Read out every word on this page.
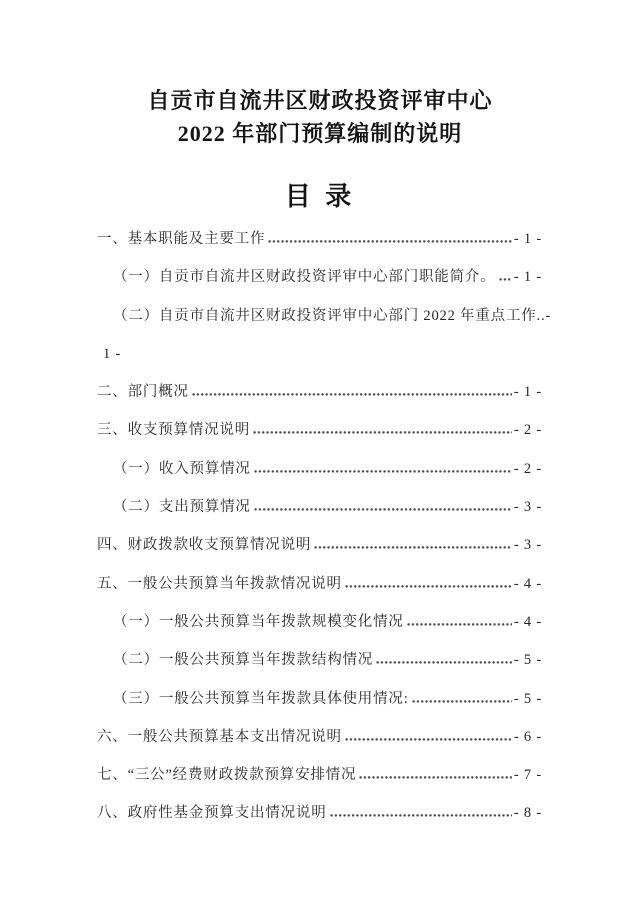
自贡市自流井区财政投资评审中心
2022 年部门预算编制的说明
目 录
一、基本职能及主要工作	- 1 -
（一）自贡市自流井区财政投资评审中心部门职能简介。 - 1 -
（二）自贡市自流井区财政投资评审中心部门 2022 年重点工作..-
1 -
二、部门概况	- 1 -
三、收支预算情况说明	- 2 -
（一）收入预算情况	- 2 -
（二）支出预算情况	- 3 -
四、财政拨款收支预算情况说明	- 3 -
五、一般公共预算当年拨款情况说明	- 4 -
（一）一般公共预算当年拨款规模变化情况	- 4 -
（二）一般公共预算当年拨款结构情况	- 5 -
（三）一般公共预算当年拨款具体使用情况:	- 5 -
六、一般公共预算基本支出情况说明	- 6 -
七、“三公”经费财政拨款预算安排情况	- 7 -
八、政府性基金预算支出情况说明	- 8 -
